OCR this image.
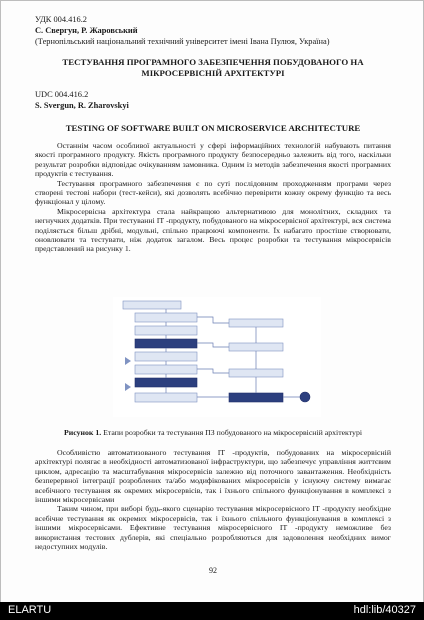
УДК 004.416.2
С. Свергун, Р. Жаровський
(Тернопільський національний технічний університет імені Івана Пулюя, Україна)
ТЕСТУВАННЯ ПРОГРАМНОГО ЗАБЕЗПЕЧЕННЯ ПОБУДОВАНОГО НА
МІКРОСЕРВІСНІЙ АРХІТЕКТУРІ
UDC 004.416.2
S. Svergun, R. Zharovskyi
TESTING OF SOFTWARE BUILT ON MICROSERVICE ARCHITECTURE

Останнім часом особливої актуальності у сфері інформаційних технологій набувають питання якості програмного продукту. Якість програмного продукту безпосередньо залежить від того, наскільки результат розробки відповідає очікуванням замовника. Одним із методів забезпечення якості програмних продуктів є тестування.

Тестування програмного забезпечення є по суті послідовним проходженням програми через створені тестові набори (тест-кейси), які дозволять всебічно перевірити кожну окрему функцію та весь функціонал у цілому.

Мікросервісна архітектура стала найкращою альтернативою для монолітних, складних та негнучких додатків. При тестуванні ІТ -продукту, побудованого на мікросервісної архітектурі, вся система поділяється більш дрібні, модульні, спільно працюючі компоненти. Їх набагато простіше створювати, оновлювати та тестувати, ніж додаток загалом. Весь процес розробки та тестування мікросервісів представлений на рисунку 1.

Рисунок 1. Етапи розробки та тестування ПЗ побудованого на мікросервісній архітектурі

Особливістю автоматизованого тестування ІТ -продуктів, побудованих на мікросервісній архітектурі полягає в необхідності автоматизованої інфраструктури, що забезпечує управління життєвим циклом, адресацію та масштабування мікросервісів залежно від поточного завантаження. Необхідність безперервної інтеграції розроблених та/або модифікованих мікросервісів у існуючу систему вимагає всебічного тестування як окремих мікросервісів, так і їхнього спільного функціонування в комплексі з іншими мікросервісами

Таким чином, при виборі будь-якого сценарію тестування мікросервісного ІТ -продукту необхідне всебічне тестування як окремих мікросервісів, так і їхнього спільного функціонування в комплексі з іншими мікросервісами. Ефективне тестування мікросервісного ІТ -продукту неможливе без використання тестових дублерів, які спеціально розробляються для задоволення необхідних вимог недоступних модулів.

92
ELARTU	hdl:lib/40327
